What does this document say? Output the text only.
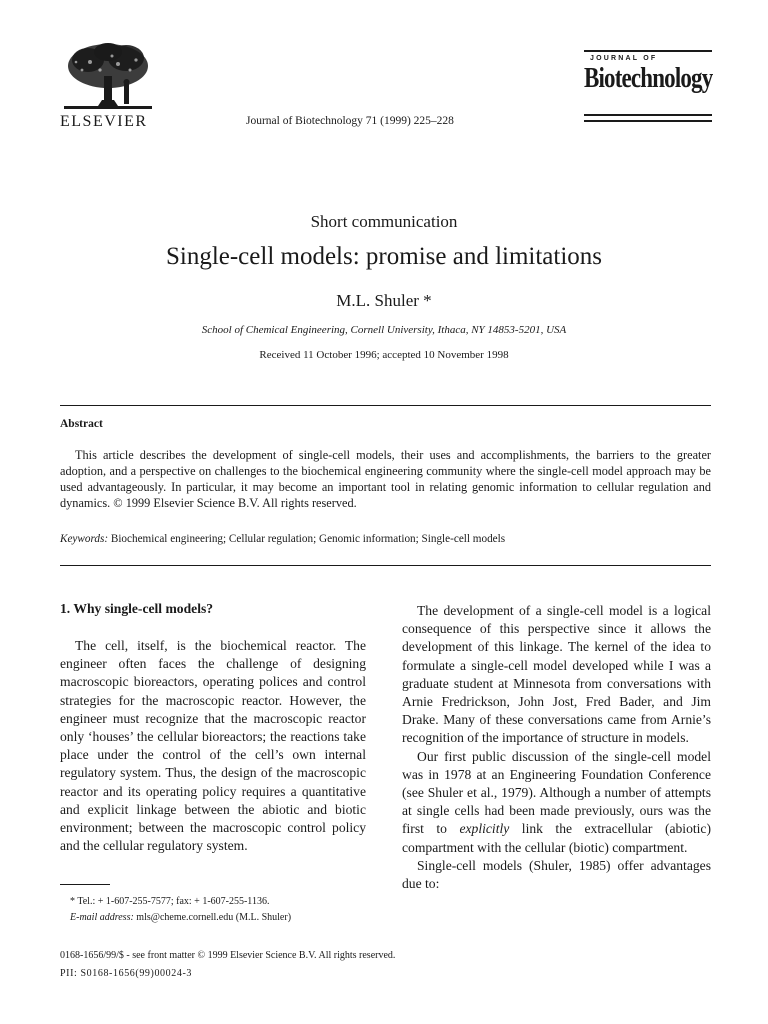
ELSEVIER	Journal of Biotechnology 71 (1999) 225–228
JOURNAL OF
Biotechnology
Short communication
Single-cell models: promise and limitations
M.L. Shuler *
School of Chemical Engineering, Cornell University, Ithaca, NY 14853-5201, USA
Received 11 October 1996; accepted 10 November 1998
Abstract

This article describes the development of single-cell models, their uses and accomplishments, the barriers to the greater adoption, and a perspective on challenges to the biochemical engineering community where the single-cell model approach may be used advantageously. In particular, it may become an important tool in relating genomic information to cellular regulation and dynamics. © 1999 Elsevier Science B.V. All rights reserved.

Keywords: Biochemical engineering; Cellular regulation; Genomic information; Single-cell models
1. Why single-cell models?

The cell, itself, is the biochemical reactor. The engineer often faces the challenge of designing macroscopic bioreactors, operating polices and control strategies for the macroscopic reactor. However, the engineer must recognize that the macroscopic reactor only ‘houses’ the cellular bioreactors; the reactions take place under the control of the cell’s own internal regulatory system. Thus, the design of the macroscopic reactor and its operating policy requires a quantitative and explicit linkage between the abiotic and biotic environment; between the macroscopic control policy and the cellular regulatory system.

The development of a single-cell model is a logical consequence of this perspective since it allows the development of this linkage. The kernel of the idea to formulate a single-cell model developed while I was a graduate student at Minnesota from conversations with Arnie Fredrickson, John Jost, Fred Bader, and Jim Drake. Many of these conversations came from Arnie’s recognition of the importance of structure in models.

Our first public discussion of the single-cell model was in 1978 at an Engineering Foundation Conference (see Shuler et al., 1979). Although a number of attempts at single cells had been made previously, ours was the first to explicitly link the extracellular (abiotic) compartment with the cellular (biotic) compartment.

Single-cell models (Shuler, 1985) offer advantages due to:

* Tel.: + 1-607-255-7577; fax: + 1-607-255-1136.
E-mail address: mls@cheme.cornell.edu (M.L. Shuler)
0168-1656/99/$ - see front matter © 1999 Elsevier Science B.V. All rights reserved.
PII: S0168-1656(99)00024-3
